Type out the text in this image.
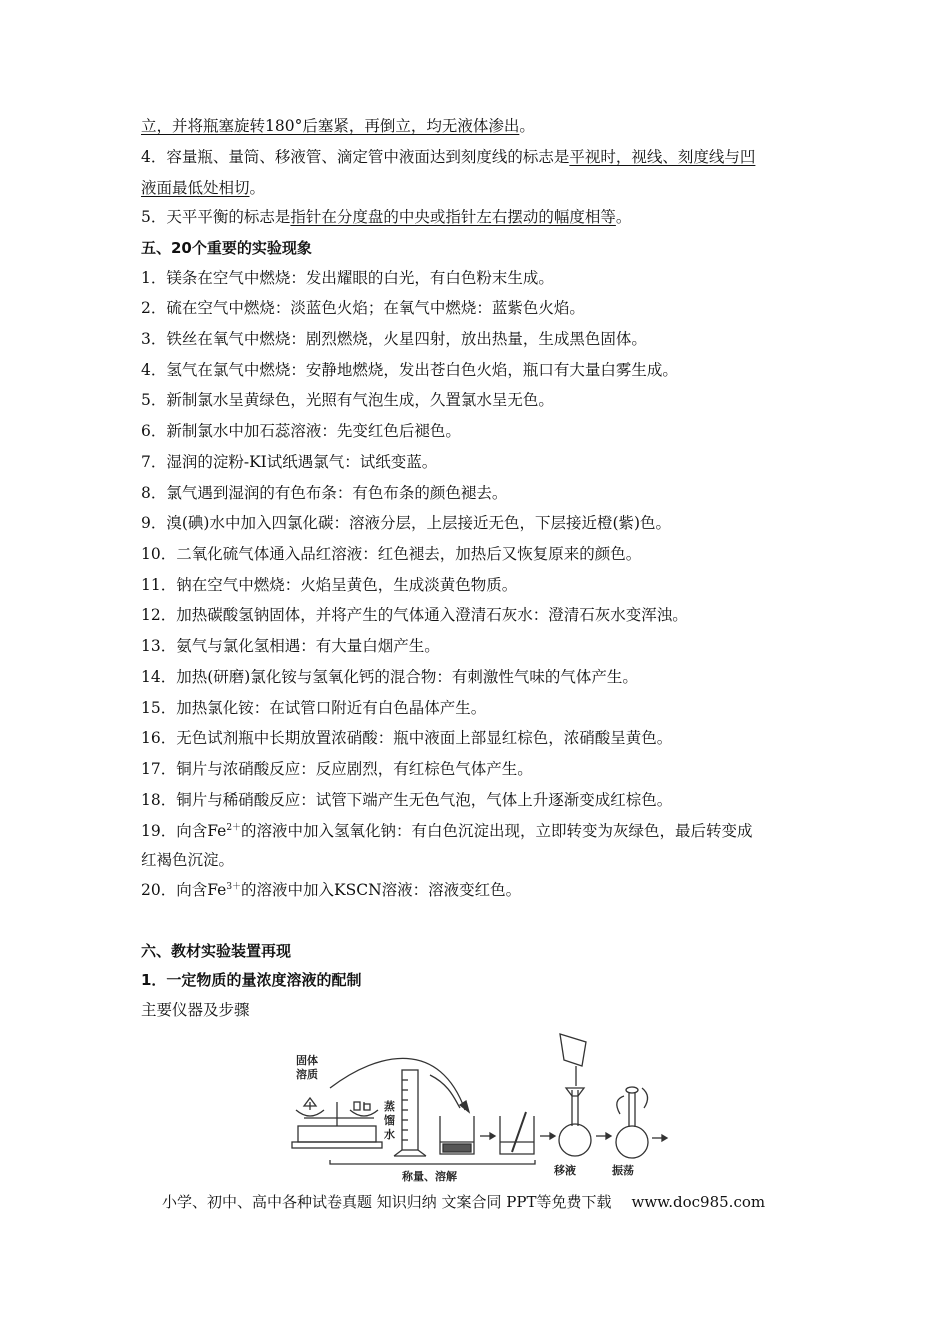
立，并将瓶塞旋转180°后塞紧，再倒立，均无液体渗出。
4．容量瓶、量筒、移液管、滴定管中液面达到刻度线的标志是平视时，视线、刻度线与凹
液面最低处相切。
5．天平平衡的标志是指针在分度盘的中央或指针左右摆动的幅度相等。
五、20个重要的实验现象
1．镁条在空气中燃烧：发出耀眼的白光，有白色粉末生成。
2．硫在空气中燃烧：淡蓝色火焰；在氧气中燃烧：蓝紫色火焰。
3．铁丝在氧气中燃烧：剧烈燃烧，火星四射，放出热量，生成黑色固体。
4．氢气在氯气中燃烧：安静地燃烧，发出苍白色火焰，瓶口有大量白雾生成。
5．新制氯水呈黄绿色，光照有气泡生成，久置氯水呈无色。
6．新制氯水中加石蕊溶液：先变红色后褪色。
7．湿润的淀粉-KI试纸遇氯气：试纸变蓝。
8．氯气遇到湿润的有色布条：有色布条的颜色褪去。
9．溴(碘)水中加入四氯化碳：溶液分层，上层接近无色，下层接近橙(紫)色。
10．二氧化硫气体通入品红溶液：红色褪去，加热后又恢复原来的颜色。
11．钠在空气中燃烧：火焰呈黄色，生成淡黄色物质。
12．加热碳酸氢钠固体，并将产生的气体通入澄清石灰水：澄清石灰水变浑浊。
13．氨气与氯化氢相遇：有大量白烟产生。
14．加热(研磨)氯化铵与氢氧化钙的混合物：有刺激性气味的气体产生。
15．加热氯化铵：在试管口附近有白色晶体产生。
16．无色试剂瓶中长期放置浓硝酸：瓶中液面上部显红棕色，浓硝酸呈黄色。
17．铜片与浓硝酸反应：反应剧烈，有红棕色气体产生。
18．铜片与稀硝酸反应：试管下端产生无色气泡，气体上升逐渐变成红棕色。
19．向含$Fe^{2+}$的溶液中加入氢氧化钠：有白色沉淀出现，立即转变为灰绿色，最后转变成
红褐色沉淀。
20．向含$Fe^{3+}$的溶液中加入KSCN溶液：溶液变红色。
六、教材实验装置再现
1．一定物质的量浓度溶液的配制
主要仪器及步骤
固体
溶质
蒸
馏
水
称量、溶解	移液	振荡
小学、初中、高中各种试卷真题 知识归纳 文案合同 PPT等免费下载 www.doc985.com
